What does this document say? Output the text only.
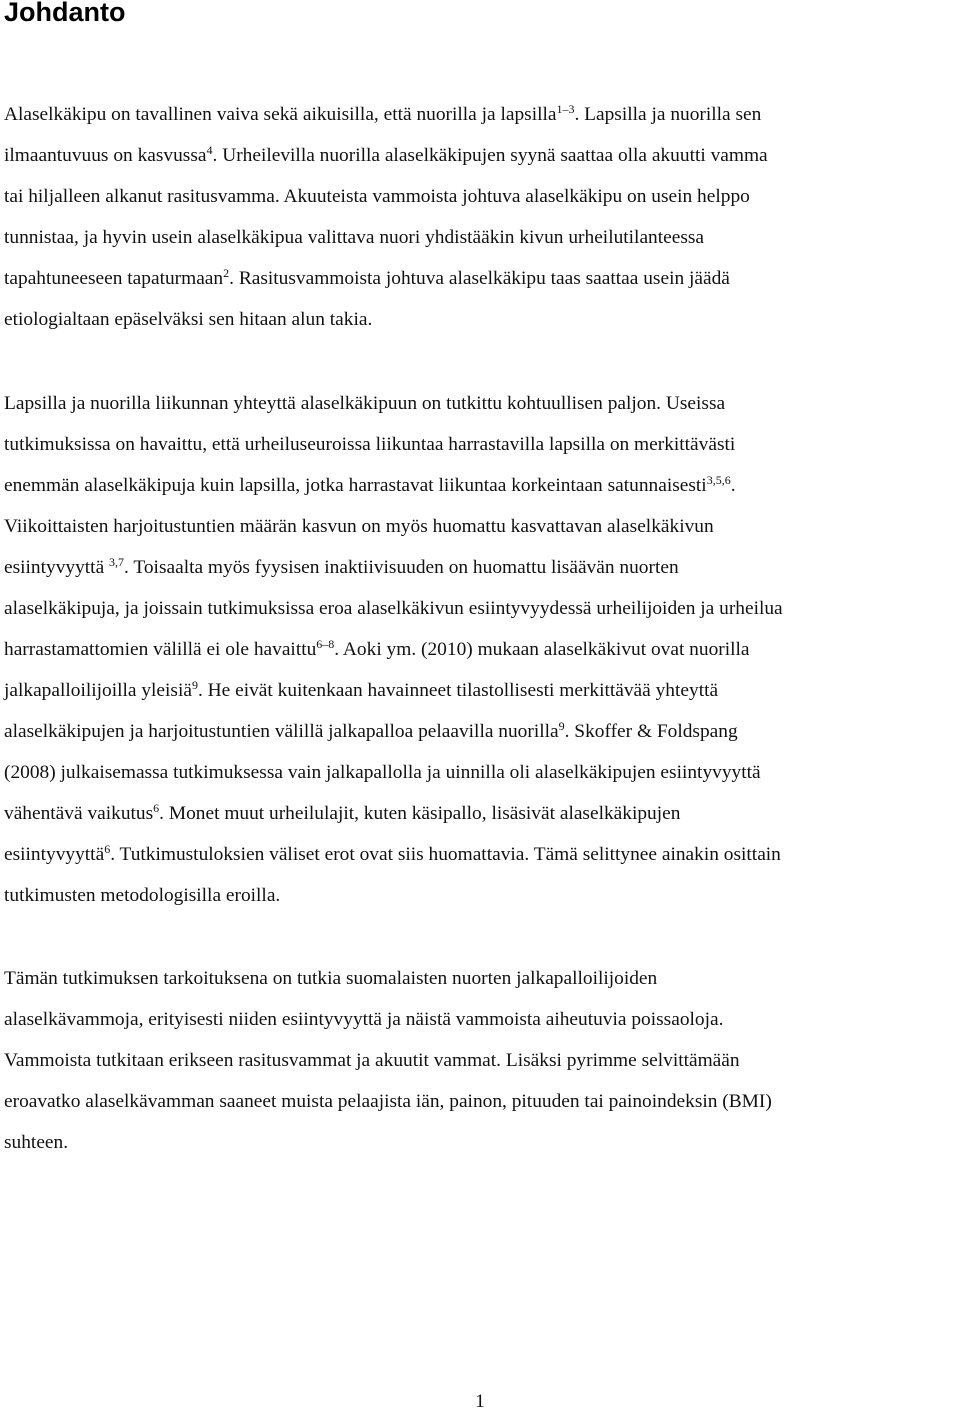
Johdanto

Alaselkäkipu on tavallinen vaiva sekä aikuisilla, että nuorilla ja lapsilla$^{1-3}$. Lapsilla ja nuorilla sen
ilmaantuvuus on kasvussa$^4$. Urheilevilla nuorilla alaselkäkipujen syynä saattaa olla akuutti vamma
tai hiljalleen alkanut rasitusvamma. Akuuteista vammoista johtuva alaselkäkipu on usein helppo
tunnistaa, ja hyvin usein alaselkäkipua valittava nuori yhdistääkin kivun urheilutilanteessa
tapahtuneeseen tapaturmaan$^2$. Rasitusvammoista johtuva alaselkäkipu taas saattaa usein jäädä
etiologialtaan epäselväksi sen hitaan alun takia.

Lapsilla ja nuorilla liikunnan yhteyttä alaselkäkipuun on tutkittu kohtuullisen paljon. Useissa
tutkimuksissa on havaittu, että urheiluseuroissa liikuntaa harrastavilla lapsilla on merkittävästi
enemmän alaselkäkipuja kuin lapsilla, jotka harrastavat liikuntaa korkeintaan satunnaisesti$^{3,5,6}$.
Viikoittaisten harjoitustuntien määrän kasvun on myös huomattu kasvattavan alaselkäkivun
esiintyvyyttä $^{3,7}$. Toisaalta myös fyysisen inaktiivisuuden on huomattu lisäävän nuorten
alaselkäkipuja, ja joissain tutkimuksissa eroa alaselkäkivun esiintyvyydessä urheilijoiden ja urheilua
harrastamattomien välillä ei ole havaittu$^{6-8}$. Aoki ym. (2010) mukaan alaselkäkivut ovat nuorilla
jalkapalloilijoilla yleisiä$^9$. He eivät kuitenkaan havainneet tilastollisesti merkittävää yhteyttä
alaselkäkipujen ja harjoitustuntien välillä jalkapalloa pelaavilla nuorilla$^9$. Skoffer & Foldspang
(2008) julkaisemassa tutkimuksessa vain jalkapallolla ja uinnilla oli alaselkäkipujen esiintyvyyttä
vähentävä vaikutus$^6$. Monet muut urheilulajit, kuten käsipallo, lisäsivät alaselkäkipujen
esiintyvyyttä$^6$. Tutkimustuloksien väliset erot ovat siis huomattavia. Tämä selittynee ainakin osittain
tutkimusten metodologisilla eroilla.

Tämän tutkimuksen tarkoituksena on tutkia suomalaisten nuorten jalkapalloilijoiden
alaselkävammoja, erityisesti niiden esiintyvyyttä ja näistä vammoista aiheutuvia poissaoloja.
Vammoista tutkitaan erikseen rasitusvammat ja akuutit vammat. Lisäksi pyrimme selvittämään
eroavatko alaselkävamman saaneet muista pelaajista iän, painon, pituuden tai painoindeksin (BMI)
suhteen.

1
